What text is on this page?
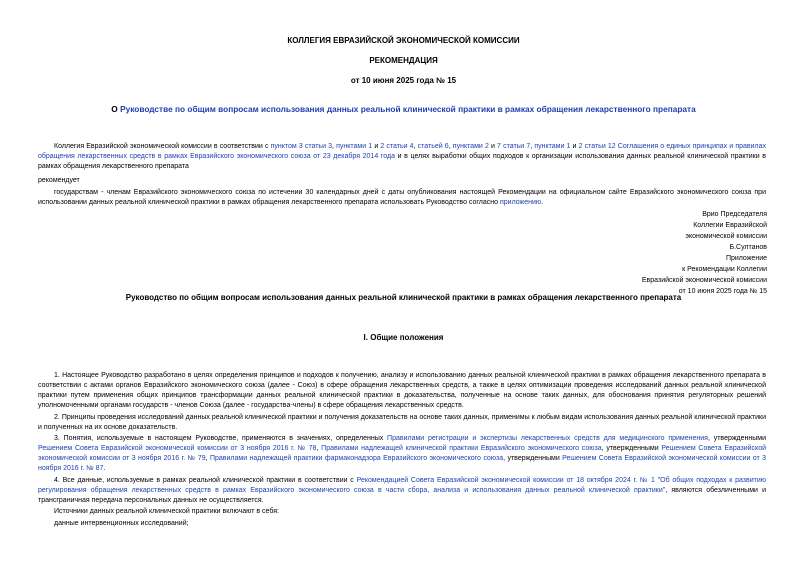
КОЛЛЕГИЯ ЕВРАЗИЙСКОЙ ЭКОНОМИЧЕСКОЙ КОМИССИИ
РЕКОМЕНДАЦИЯ
от 10 июня 2025 года № 15
О Руководстве по общим вопросам использования данных реальной клинической практики в рамках обращения лекарственного препарата
Коллегия Евразийской экономической комиссии в соответствии с пунктом 3 статьи 3, пунктами 1 и 2 статьи 4, статьей 6, пунктами 2 и 7 статьи 7, пунктами 1 и 2 статьи 12 Соглашения о единых принципах и правилах обращения лекарственных средств в рамках Евразийского экономического союза от 23 декабря 2014 года и в целях выработки общих подходов к организации использования данных реальной клинической практики в рамках обращения лекарственного препарата
рекомендует
государствам - членам Евразийского экономического союза по истечении 30 календарных дней с даты опубликования настоящей Рекомендации на официальном сайте Евразийского экономического союза при использовании данных реальной клинической практики в рамках обращения лекарственного препарата использовать Руководство согласно приложению.
Врио Председателя
Коллегии Евразийской
экономической комиссии
Б.Султанов
Приложение
к Рекомендации Коллегии
Евразийской экономической комиссии
от 10 июня 2025 года № 15
Руководство по общим вопросам использования данных реальной клинической практики в рамках обращения лекарственного препарата
I. Общие положения
1. Настоящее Руководство разработано в целях определения принципов и подходов к получению, анализу и использованию данных реальной клинической практики в рамках обращения лекарственного препарата в соответствии с актами органов Евразийского экономического союза (далее - Союз) в сфере обращения лекарственных средств, а также в целях оптимизации проведения исследований данных реальной клинической практики путем применения общих принципов трансформации данных реальной клинической практики в доказательства, полученные на основе таких данных, для обоснования принятия регуляторных решений уполномоченными органами государств - членов Союза (далее - государства-члены) в сфере обращения лекарственных средств.
2. Принципы проведения исследований данных реальной клинической практики и получения доказательств на основе таких данных, применимы к любым видам использования данных реальной клинической практики и полученных на их основе доказательств.
3. Понятия, используемые в настоящем Руководстве, применяются в значениях, определенных Правилами регистрации и экспертизы лекарственных средств для медицинского применения, утвержденными Решением Совета Евразийской экономической комиссии от 3 ноября 2016 г. № 78, Правилами надлежащей клинической практики Евразийского экономического союза, утвержденными Решением Совета Евразийской экономической комиссии от 3 ноября 2016 г. № 79, Правилами надлежащей практики фармаконадзора Евразийского экономического союза, утвержденными Решением Совета Евразийской экономической комиссии от 3 ноября 2016 г. № 87.
4. Все данные, используемые в рамках реальной клинической практики в соответствии с Рекомендацией Совета Евразийской экономической комиссии от 18 октября 2024 г. № 1 "Об общих подходах к развитию регулирования обращения лекарственных средств в рамках Евразийского экономического союза в части сбора, анализа и использования данных реальной клинической практики", являются обезличенными и трансграничная передача персональных данных не осуществляется.
Источники данных реальной клинической практики включают в себя:
данные интервенционных исследований;
